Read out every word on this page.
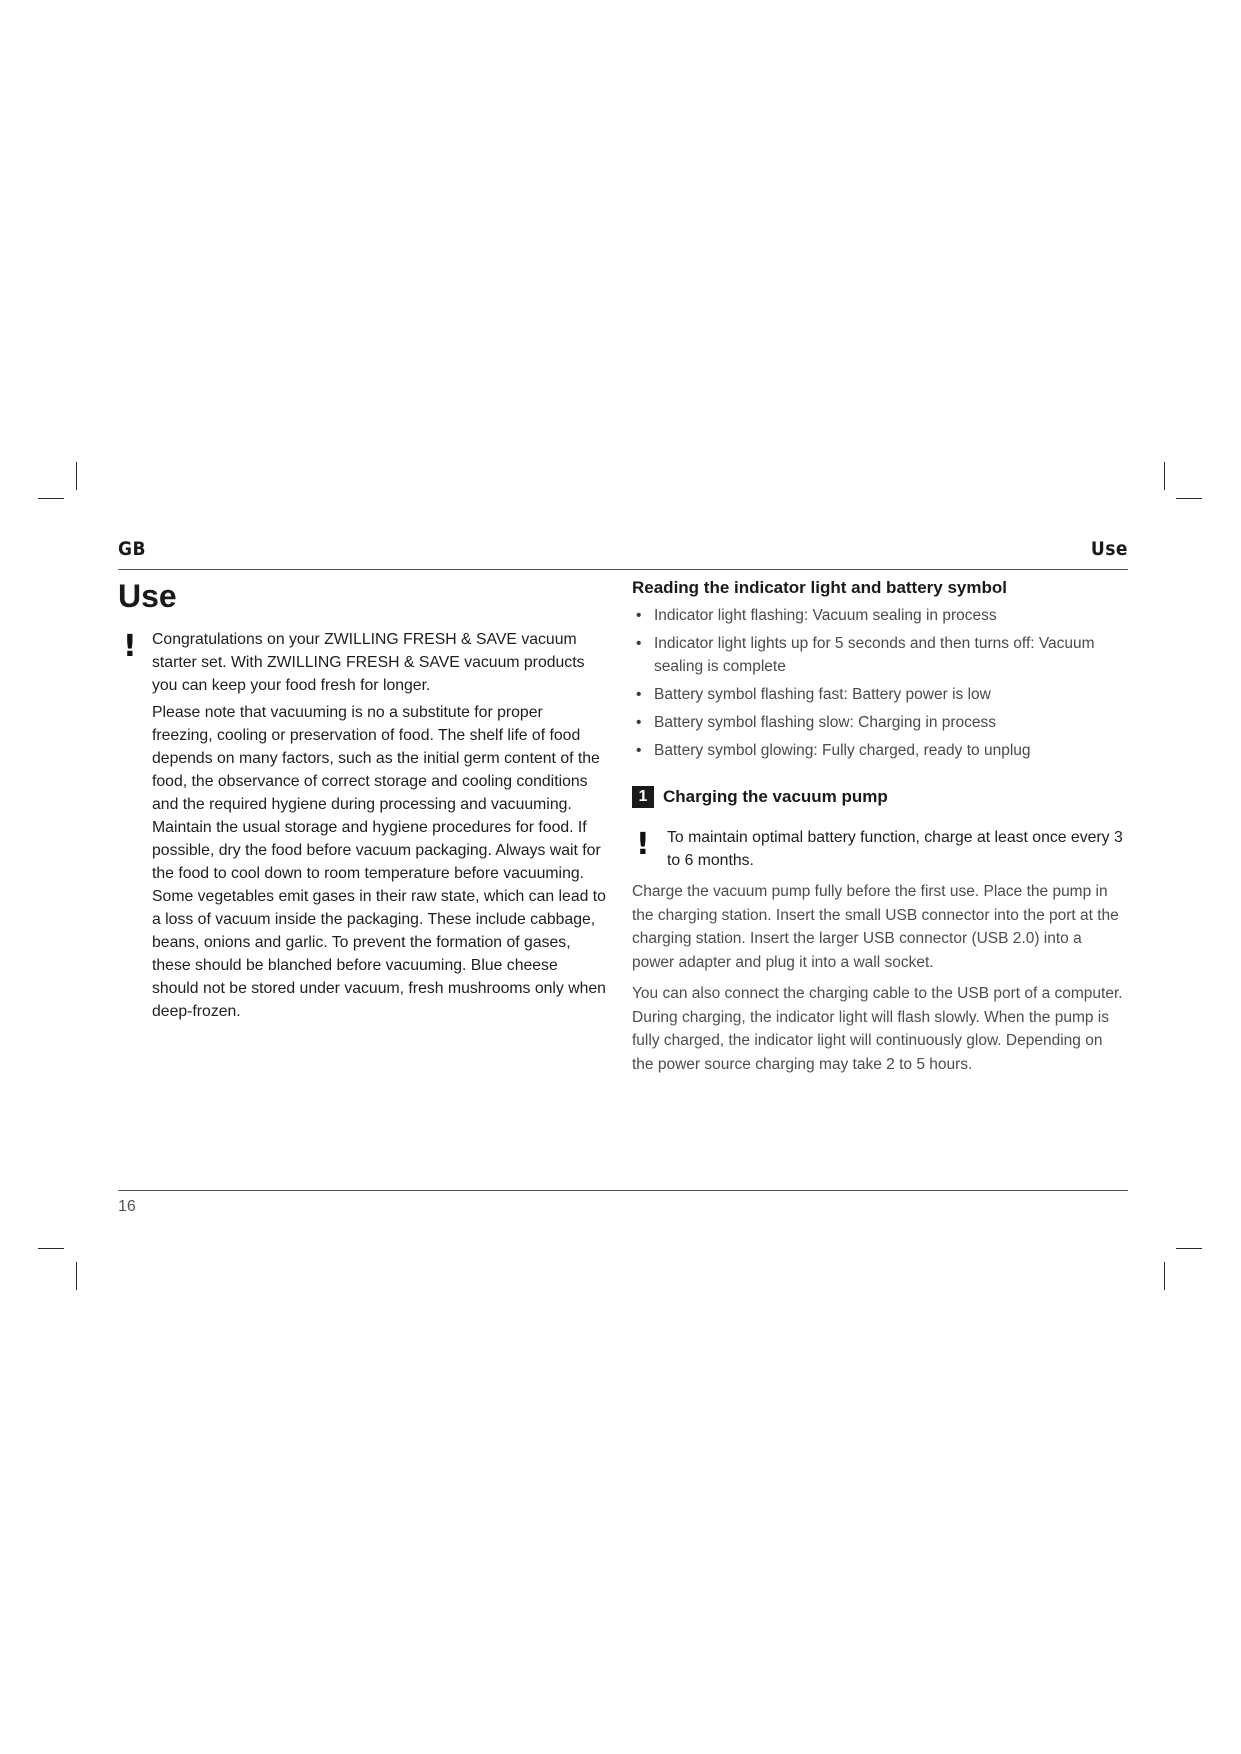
GB	Use
Use
! Congratulations on your ZWILLING FRESH & SAVE vacuum starter set. With ZWILLING FRESH & SAVE vacuum products you can keep your food fresh for longer.

Please note that vacuuming is no a substitute for proper freezing, cooling or preservation of food. The shelf life of food depends on many factors, such as the initial germ content of the food, the observance of correct storage and cooling conditions and the required hygiene during processing and vacuuming. Maintain the usual storage and hygiene procedures for food. If possible, dry the food before vacuum packaging. Always wait for the food to cool down to room temperature before vacuuming. Some vegetables emit gases in their raw state, which can lead to a loss of vacuum inside the packaging. These include cabbage, beans, onions and garlic. To prevent the formation of gases, these should be blanched before vacuuming. Blue cheese should not be stored under vacuum, fresh mushrooms only when deep-frozen.

Reading the indicator light and battery symbol
• Indicator light flashing: Vacuum sealing in process
• Indicator light lights up for 5 seconds and then turns off: Vacuum sealing is complete
• Battery symbol flashing fast: Battery power is low
• Battery symbol flashing slow: Charging in process
• Battery symbol glowing: Fully charged, ready to unplug
1 Charging the vacuum pump
! To maintain optimal battery function, charge at least once every 3 to 6 months.

Charge the vacuum pump fully before the first use. Place the pump in the charging station. Insert the small USB connector into the port at the charging station. Insert the larger USB connector (USB 2.0) into a power adapter and plug it into a wall socket.

You can also connect the charging cable to the USB port of a computer. During charging, the indicator light will flash slowly. When the pump is fully charged, the indicator light will continuously glow. Depending on the power source charging may take 2 to 5 hours.

16
